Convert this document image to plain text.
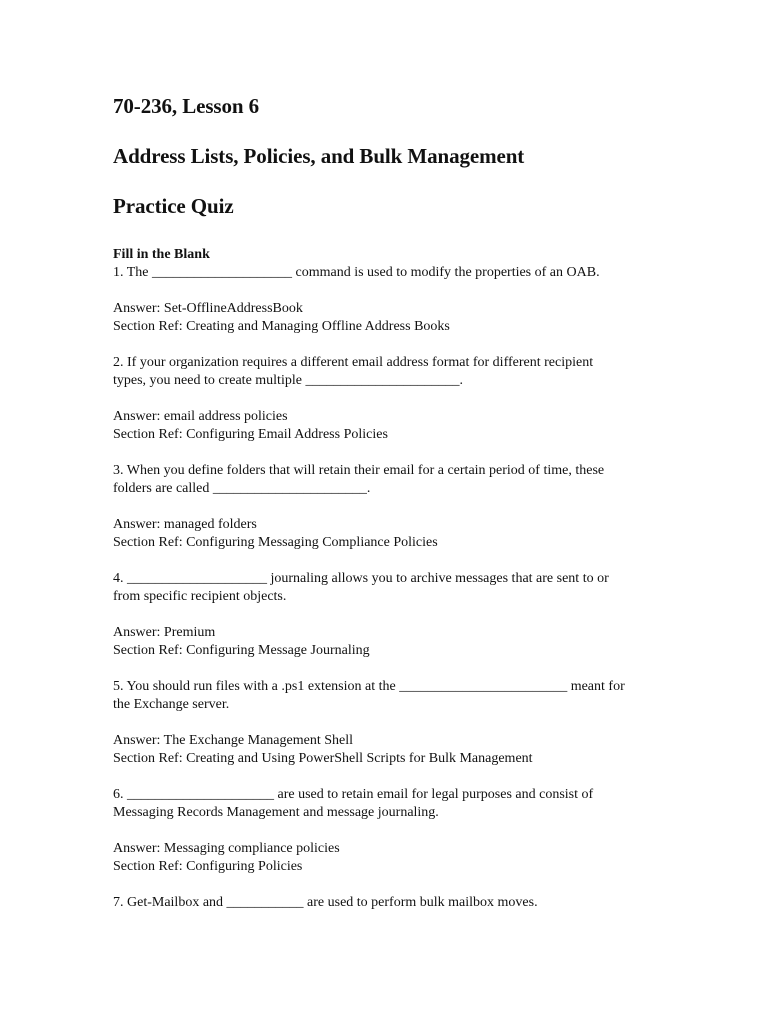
70-236, Lesson 6
Address Lists, Policies, and Bulk Management
Practice Quiz
Fill in the Blank

1. The ____________________ command is used to modify the properties of an OAB.

Answer: Set-OfflineAddressBook

Section Ref: Creating and Managing Offline Address Books

2. If your organization requires a different email address format for different recipient

types, you need to create multiple ______________________.

Answer: email address policies

Section Ref: Configuring Email Address Policies

3. When you define folders that will retain their email for a certain period of time, these

folders are called ______________________.

Answer: managed folders

Section Ref: Configuring Messaging Compliance Policies

4. ____________________ journaling allows you to archive messages that are sent to or

from specific recipient objects.

Answer: Premium

Section Ref: Configuring Message Journaling

5. You should run files with a .ps1 extension at the ________________________ meant for

the Exchange server.

Answer: The Exchange Management Shell

Section Ref: Creating and Using PowerShell Scripts for Bulk Management

6. _____________________ are used to retain email for legal purposes and consist of

Messaging Records Management and message journaling.

Answer: Messaging compliance policies

Section Ref: Configuring Policies

7. Get-Mailbox and ___________ are used to perform bulk mailbox moves.
